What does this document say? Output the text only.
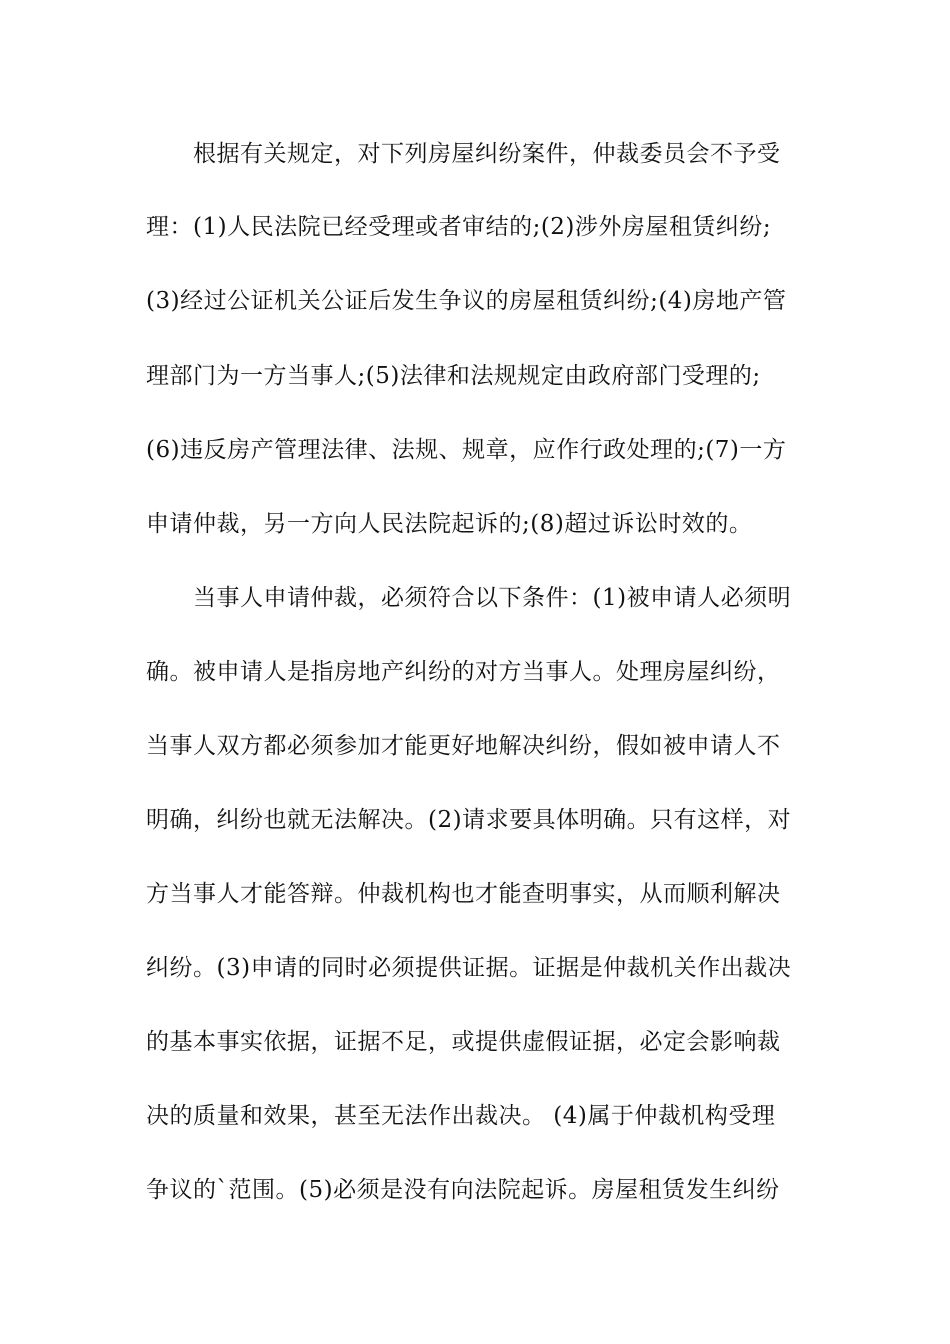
根据有关规定，对下列房屋纠纷案件，仲裁委员会不予受
理：(1)人民法院已经受理或者审结的;(2)涉外房屋租赁纠纷;
(3)经过公证机关公证后发生争议的房屋租赁纠纷;(4)房地产管
理部门为一方当事人;(5)法律和法规规定由政府部门受理的;
(6)违反房产管理法律、法规、规章，应作行政处理的;(7)一方
申请仲裁，另一方向人民法院起诉的;(8)超过诉讼时效的。
当事人申请仲裁，必须符合以下条件：(1)被申请人必须明
确。被申请人是指房地产纠纷的对方当事人。处理房屋纠纷，
当事人双方都必须参加才能更好地解决纠纷，假如被申请人不
明确，纠纷也就无法解决。(2)请求要具体明确。只有这样，对
方当事人才能答辩。仲裁机构也才能查明事实，从而顺利解决
纠纷。(3)申请的同时必须提供证据。证据是仲裁机关作出裁决
的基本事实依据，证据不足，或提供虚假证据，必定会影响裁
决的质量和效果，甚至无法作出裁决。 (4)属于仲裁机构受理
争议的`范围。(5)必须是没有向法院起诉。房屋租赁发生纠纷
